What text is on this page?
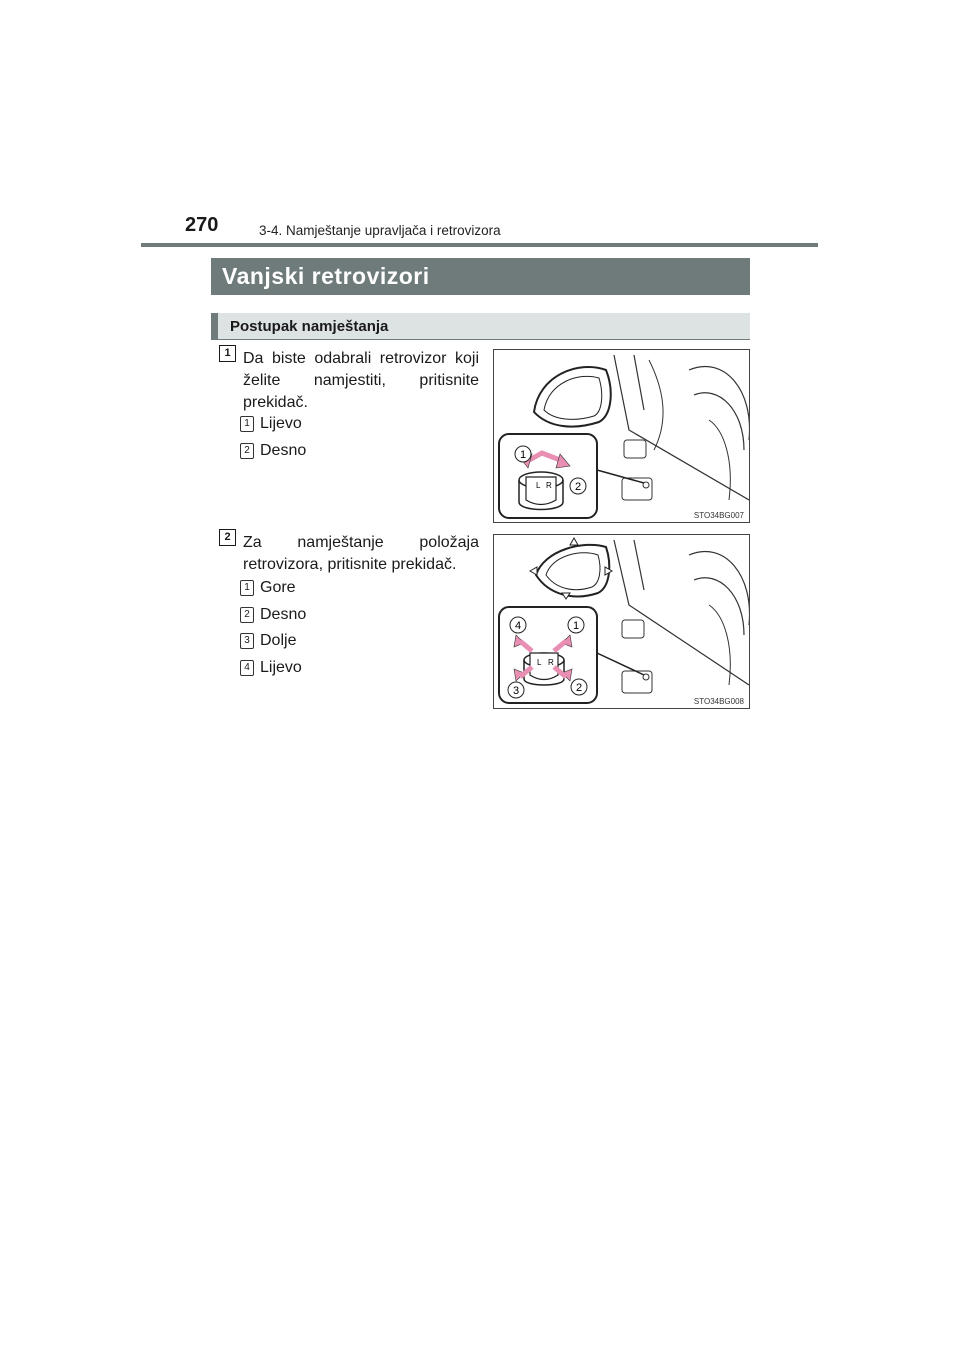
270	3-4. Namještanje upravljača i retrovizora
Vanjski retrovizori
Postupak namještanja
1 Da biste odabrali retrovizor koji želite namjestiti, pritisnite prekidač.

1 Lijevo
2 Desno
L R
1
2
STO34BG007
2 Za namještanje položaja retrovizora, pritisnite prekidač.

1 Gore
2 Desno
3 Dolje
4 Lijevo	L R
1
2
3
4
STO34BG008
